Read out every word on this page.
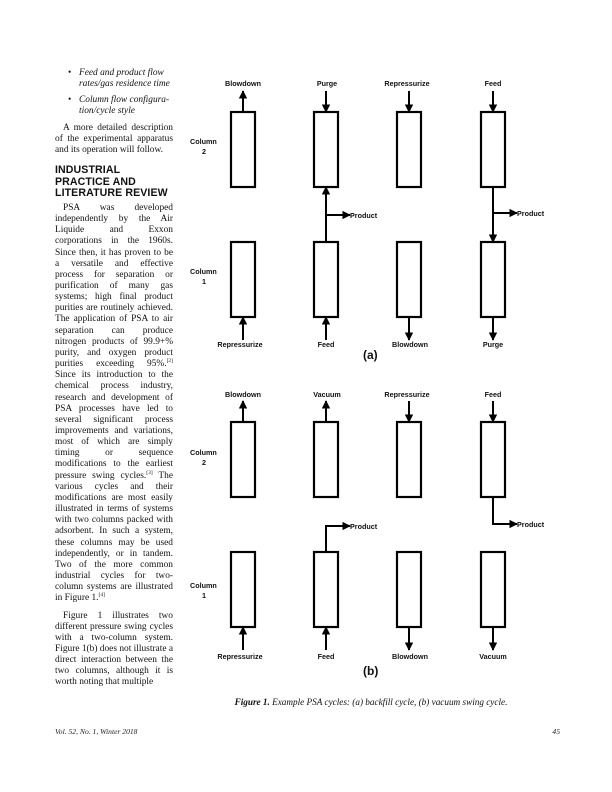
• Feed and product flow rates/gas residence time
• Column flow configura-tion/cycle style

A more detailed description of the experimental apparatus and its operation will follow.

INDUSTRIAL PRACTICE AND LITERATURE REVIEW

PSA was developed independently by the Air Liquide and Exxon corporations in the 1960s. Since then, it has proven to be a versatile and effective process for separation or purification of many gas systems; high final product purities are routinely achieved. The application of PSA to air separation can produce nitrogen products of 99.9+% purity, and oxygen product purities exceeding 95%.[2] Since its introduction to the chemical process industry, research and development of PSA processes have led to several significant process improvements and variations, most of which are simply timing or sequence modifications to the earliest pressure swing cycles.[3] The various cycles and their modifications are most easily illustrated in terms of systems with two columns packed with adsorbent. In such a system, these columns may be used independently, or in tandem. Two of the more common industrial cycles for two-column systems are illustrated in Figure 1.[4]

Figure 1 illustrates two different pressure swing cycles with a two-column system. Figure 1(b) does not illustrate a direct interaction between the two columns, although it is worth noting that multiple

Column
2
Column
1
Blowdown	Purge	Repressurize	Feed
Product	Product
Repressurize	Feed	Blowdown	Purge
(a)
Column
2
Column
1
Blowdown	Vacuum	Repressurize	Feed
Product	Product
Repressurize	Feed	Blowdown	Vacuum
(b)
Figure 1. Example PSA cycles: (a) backfill cycle, (b) vacuum swing cycle.
Vol. 52, No. 1, Winter 2018	45
